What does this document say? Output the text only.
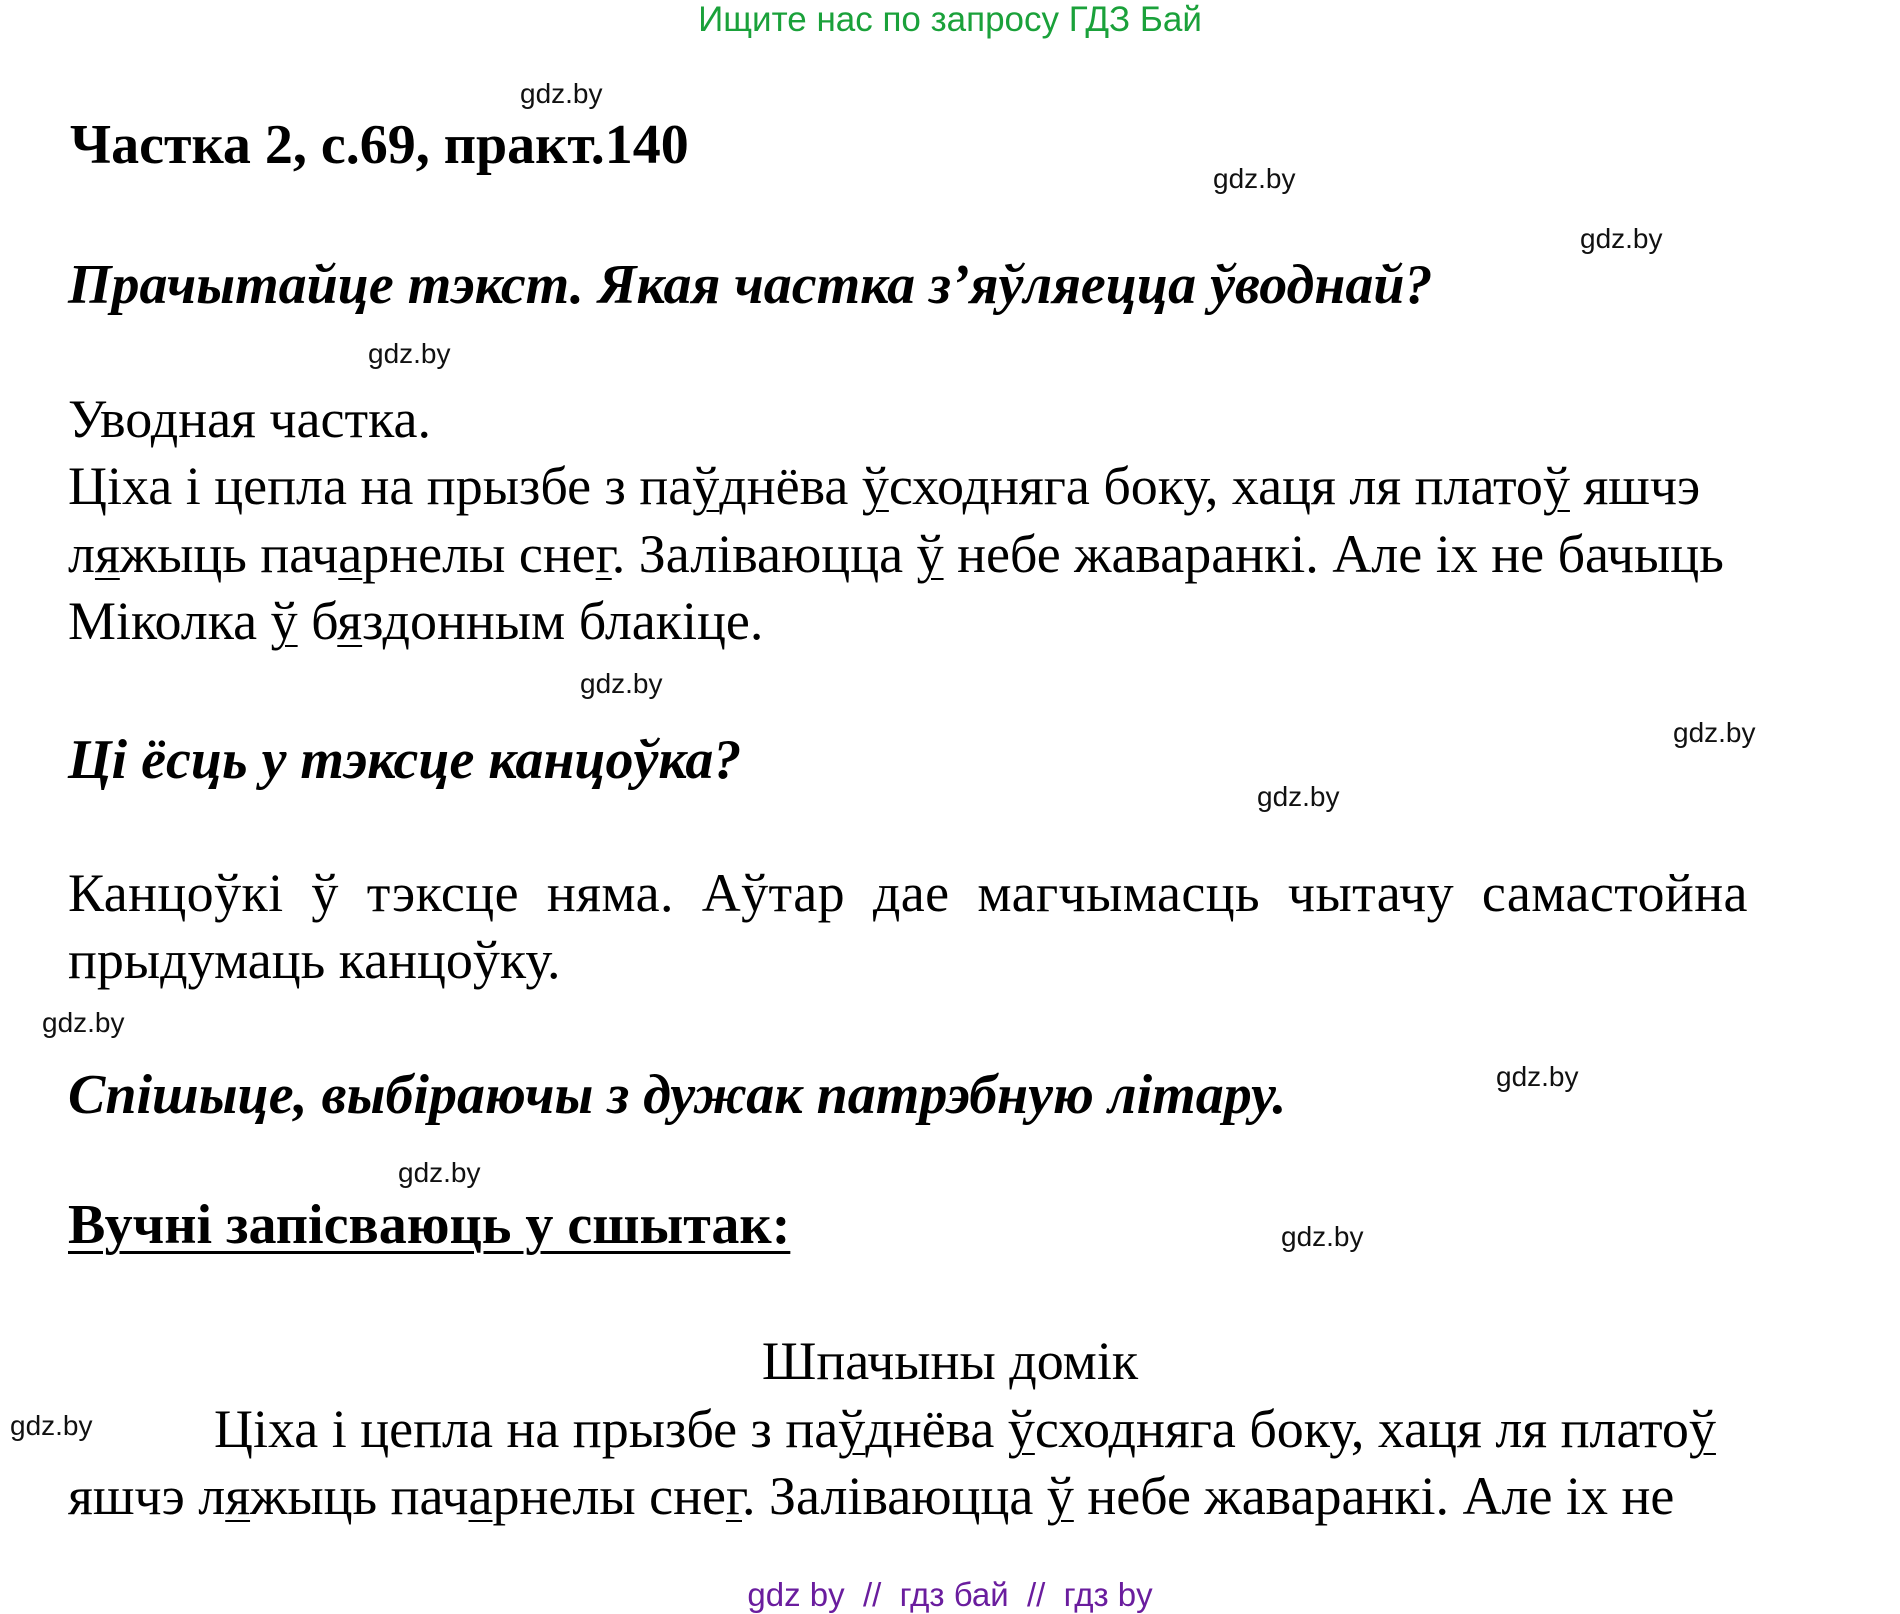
Ищите нас по запросу ГДЗ Бай
gdz.by
gdz.by
gdz.by
gdz.by
gdz.by
gdz.by
gdz.by
gdz.by
gdz.by
gdz.by
gdz.by
gdz.by
Частка 2, с.69, практ.140
Прачытайце тэкст. Якая частка з’яўляецца ўводнай?
Уводная частка.
Ціха і цепла на прызбе з паўднёва ўсходняга боку, хаця ля платоў яшчэ
ляжыць пачарнелы снег. Заліваюцца ў небе жаваранкі. Але іх не бачыць
Міколка ў бяздонным блакіце.
Ці ёсць у тэксце канцоўка?
Канцоўкі ў тэксце няма. Аўтар дае магчымасць чытачу самастойна
прыдумаць канцоўку.
Спішыце, выбіраючы з дужак патрэбную літару.
Вучні запісваюць у сшытак:
Шпачыны домік
Ціха і цепла на прызбе з паўднёва ўсходняга боку, хаця ля платоў
яшчэ ляжыць пачарнелы снег. Заліваюцца ў небе жаваранкі. Але іх не
gdz by  //  гдз бай  //  гдз by
